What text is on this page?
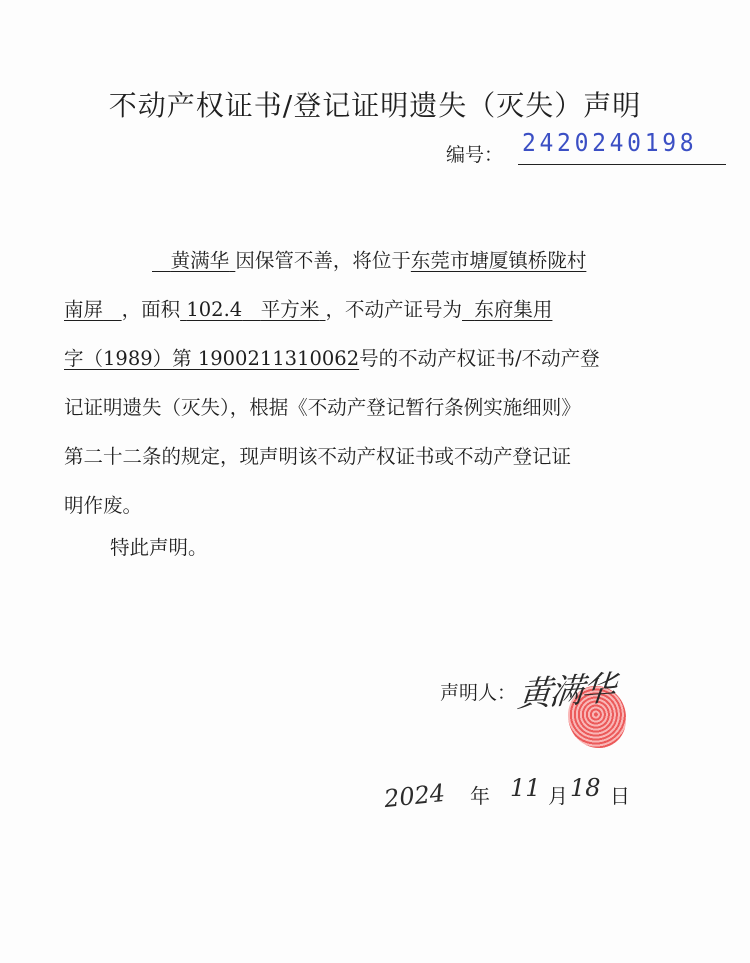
不动产权证书/登记证明遗失（灭失）声明
编号： 2420240198
黄满华 因保管不善，将位于东莞市塘厦镇桥陇村
南屏 ，面积 102.4 平方米 ，不动产证号为 东府集用
字（1989）第 1900211310062号的不动产权证书/不动产登
记证明遗失（灭失），根据《不动产登记暂行条例实施细则》
第二十二条的规定，现声明该不动产权证书或不动产登记证
明作废。
特此声明。
声明人： 黄满华
2024 年 11 月 18 日
